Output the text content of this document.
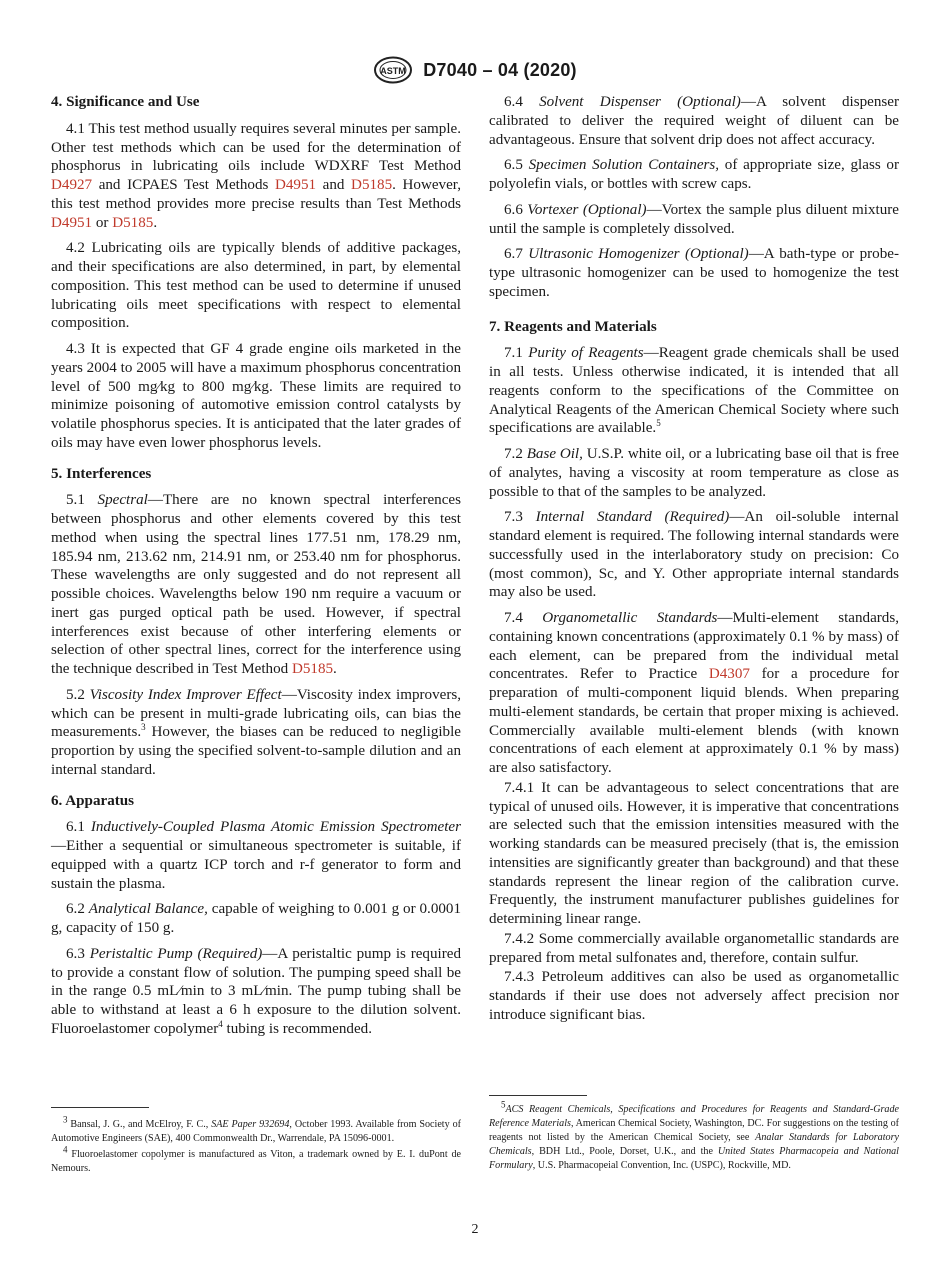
ASTM D7040 – 04 (2020)
4. Significance and Use

4.1 This test method usually requires several minutes per sample. Other test methods which can be used for the determination of phosphorus in lubricating oils include WDXRF Test Method D4927 and ICPAES Test Methods D4951 and D5185. However, this test method provides more precise results than Test Methods D4951 or D5185.

4.2 Lubricating oils are typically blends of additive packages, and their specifications are also determined, in part, by elemental composition. This test method can be used to determine if unused lubricating oils meet specifications with respect to elemental composition.

4.3 It is expected that GF 4 grade engine oils marketed in the years 2004 to 2005 will have a maximum phosphorus concentration level of 500 mg⁄kg to 800 mg⁄kg. These limits are required to minimize poisoning of automotive emission control catalysts by volatile phosphorus species. It is anticipated that the later grades of oils may have even lower phosphorus levels.

5. Interferences

5.1 Spectral—There are no known spectral interferences between phosphorus and other elements covered by this test method when using the spectral lines 177.51 nm, 178.29 nm, 185.94 nm, 213.62 nm, 214.91 nm, or 253.40 nm for phosphorus. These wavelengths are only suggested and do not represent all possible choices. Wavelengths below 190 nm require a vacuum or inert gas purged optical path be used. However, if spectral interferences exist because of other interfering elements or selection of other spectral lines, correct for the interference using the technique described in Test Method D5185.

5.2 Viscosity Index Improver Effect—Viscosity index improvers, which can be present in multi-grade lubricating oils, can bias the measurements.$^3$ However, the biases can be reduced to negligible proportion by using the specified solvent-to-sample dilution and an internal standard.

6. Apparatus

6.1 Inductively-Coupled Plasma Atomic Emission Spectrometer—Either a sequential or simultaneous spectrometer is suitable, if equipped with a quartz ICP torch and r-f generator to form and sustain the plasma.

6.2 Analytical Balance, capable of weighing to 0.001 g or 0.0001 g, capacity of 150 g.

6.3 Peristaltic Pump (Required)—A peristaltic pump is required to provide a constant flow of solution. The pumping speed shall be in the range 0.5 mL⁄min to 3 mL⁄min. The pump tubing shall be able to withstand at least a 6 h exposure to the dilution solvent. Fluoroelastomer copolymer$^4$ tubing is recommended.

6.4 Solvent Dispenser (Optional)—A solvent dispenser calibrated to deliver the required weight of diluent can be advantageous. Ensure that solvent drip does not affect accuracy.

6.5 Specimen Solution Containers, of appropriate size, glass or polyolefin vials, or bottles with screw caps.

6.6 Vortexer (Optional)—Vortex the sample plus diluent mixture until the sample is completely dissolved.

6.7 Ultrasonic Homogenizer (Optional)—A bath-type or probe-type ultrasonic homogenizer can be used to homogenize the test specimen.

7. Reagents and Materials

7.1 Purity of Reagents—Reagent grade chemicals shall be used in all tests. Unless otherwise indicated, it is intended that all reagents conform to the specifications of the Committee on Analytical Reagents of the American Chemical Society where such specifications are available.$^5$

7.2 Base Oil, U.S.P. white oil, or a lubricating base oil that is free of analytes, having a viscosity at room temperature as close as possible to that of the samples to be analyzed.

7.3 Internal Standard (Required)—An oil-soluble internal standard element is required. The following internal standards were successfully used in the interlaboratory study on precision: Co (most common), Sc, and Y. Other appropriate internal standards may also be used.

7.4 Organometallic Standards—Multi-element standards, containing known concentrations (approximately 0.1 % by mass) of each element, can be prepared from the individual metal concentrates. Refer to Practice D4307 for a procedure for preparation of multi-component liquid blends. When preparing multi-element standards, be certain that proper mixing is achieved. Commercially available multi-element blends (with known concentrations of each element at approximately 0.1 % by mass) are also satisfactory.

7.4.1 It can be advantageous to select concentrations that are typical of unused oils. However, it is imperative that concentrations are selected such that the emission intensities measured with the working standards can be measured precisely (that is, the emission intensities are significantly greater than background) and that these standards represent the linear region of the calibration curve. Frequently, the instrument manufacturer publishes guidelines for determining linear range.

7.4.2 Some commercially available organometallic standards are prepared from metal sulfonates and, therefore, contain sulfur.

7.4.3 Petroleum additives can also be used as organometallic standards if their use does not adversely affect precision nor introduce significant bias.

$^3$ Bansal, J. G., and McElroy, F. C., SAE Paper 932694, October 1993. Available from Society of Automotive Engineers (SAE), 400 Commonwealth Dr., Warrendale, PA 15096-0001.

$^4$ Fluoroelastomer copolymer is manufactured as Viton, a trademark owned by E. I. duPont de Nemours.

$^5$ACS Reagent Chemicals, Specifications and Procedures for Reagents and Standard-Grade Reference Materials, American Chemical Society, Washington, DC. For suggestions on the testing of reagents not listed by the American Chemical Society, see Analar Standards for Laboratory Chemicals, BDH Ltd., Poole, Dorset, U.K., and the United States Pharmacopeia and National Formulary, U.S. Pharmacopeial Convention, Inc. (USPC), Rockville, MD.

2
